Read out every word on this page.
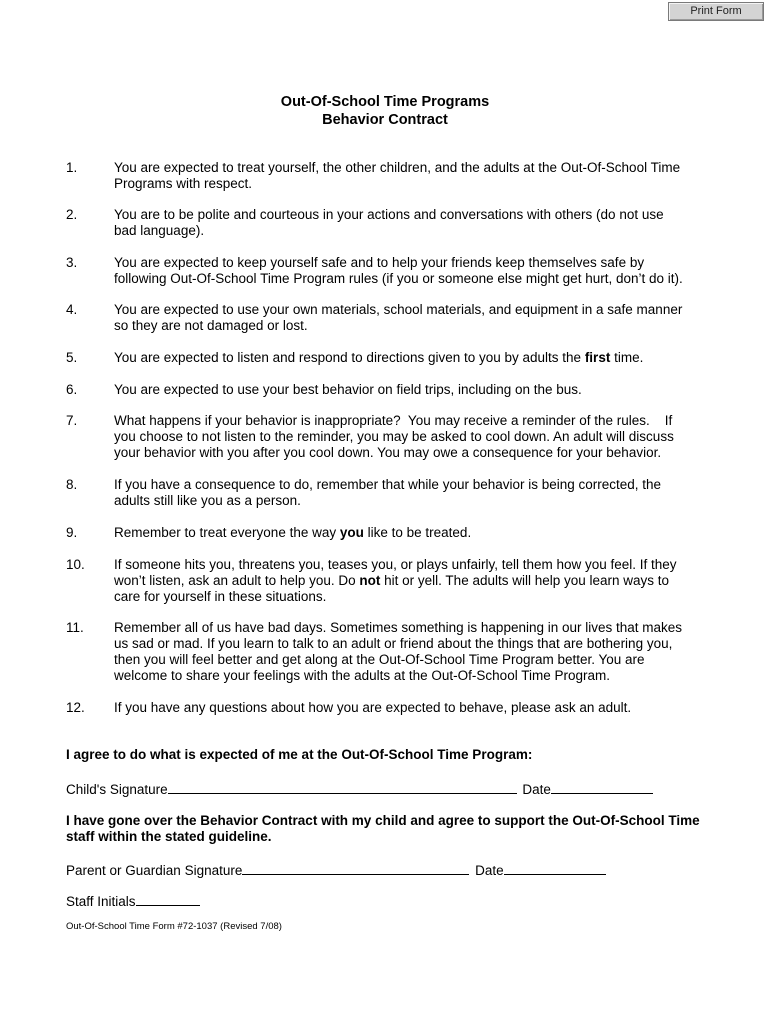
Print Form
Out-Of-School Time Programs
Behavior Contract
1.	You are expected to treat yourself, the other children, and the adults at the Out-Of-School Time
Programs with respect.
2.	You are to be polite and courteous in your actions and conversations with others (do not use
bad language).
3.	You are expected to keep yourself safe and to help your friends keep themselves safe by
following Out-Of-School Time Program rules (if you or someone else might get hurt, don’t do it).
4.	You are expected to use your own materials, school materials, and equipment in a safe manner
so they are not damaged or lost.
5.	You are expected to listen and respond to directions given to you by adults the first time.
6.	You are expected to use your best behavior on field trips, including on the bus.
7.	What happens if your behavior is inappropriate?  You may receive a reminder of the rules.    If
you choose to not listen to the reminder, you may be asked to cool down. An adult will discuss
your behavior with you after you cool down. You may owe a consequence for your behavior.
8.	If you have a consequence to do, remember that while your behavior is being corrected, the
adults still like you as a person.
9.	Remember to treat everyone the way you like to be treated.
10.	If someone hits you, threatens you, teases you, or plays unfairly, tell them how you feel. If they
won’t listen, ask an adult to help you. Do not hit or yell. The adults will help you learn ways to
care for yourself in these situations.
11.	Remember all of us have bad days. Sometimes something is happening in our lives that makes
us sad or mad. If you learn to talk to an adult or friend about the things that are bothering you,
then you will feel better and get along at the Out-Of-School Time Program better. You are
welcome to share your feelings with the adults at the Out-Of-School Time Program.
12.	If you have any questions about how you are expected to behave, please ask an adult.
I agree to do what is expected of me at the Out-Of-School Time Program:
Child's Signature	Date
I have gone over the Behavior Contract with my child and agree to support the Out-Of-School Time
staff within the stated guideline.
Parent or Guardian Signature	Date
Staff Initials
Out-Of-School Time Form #72-1037 (Revised 7/08)
